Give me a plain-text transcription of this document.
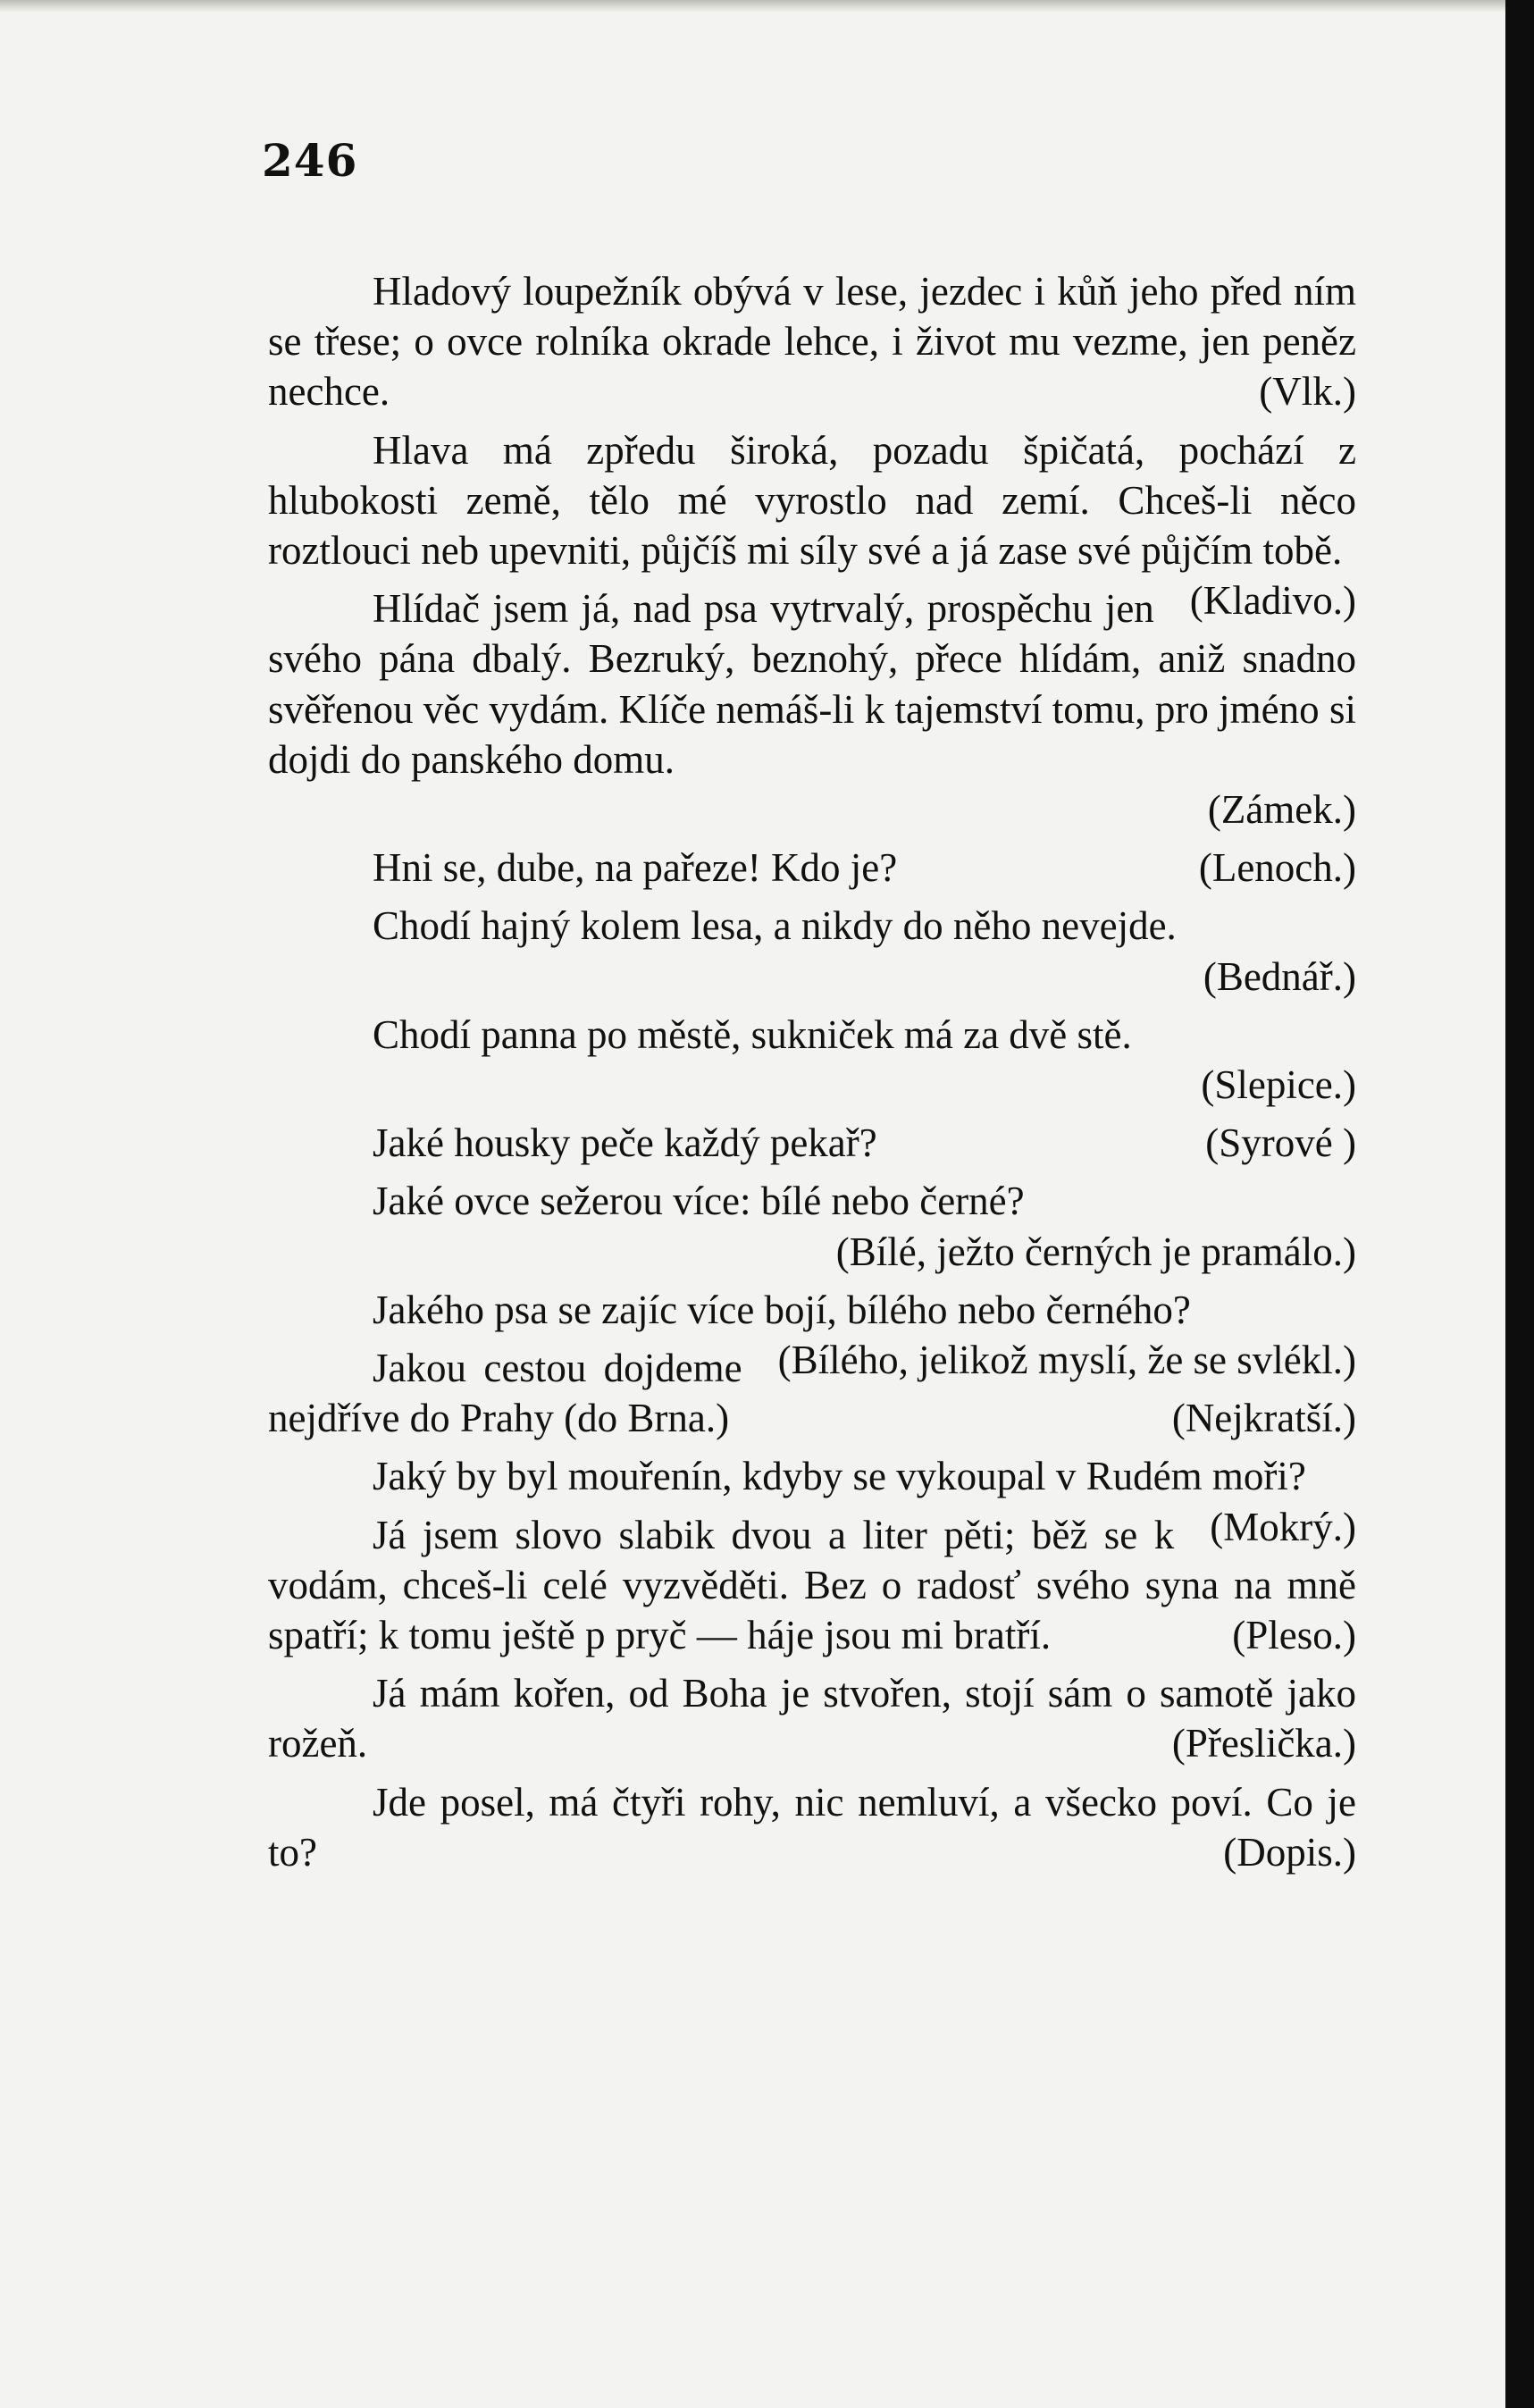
246

Hladový loupežník obývá v lese, jezdec i kůň jeho před ním se třese; o ovce rolníka okrade lehce, i život mu vezme, jen peněz nechce.	(Vlk.)

Hlava má zpředu široká, pozadu špičatá, pochází z hlubokosti země, tělo mé vyrostlo nad zemí. Chceš-li něco roztlouci neb upevniti, půjčíš mi síly své a já zase své půjčím tobě.
(Kladivo.)

Hlídač jsem já, nad psa vytrvalý, prospěchu jen svého pána dbalý. Bezruký, beznohý, přece hlídám, aniž snadno svěřenou věc vydám. Klíče nemáš-li k tajemství tomu, pro jméno si dojdi do panského domu.
(Zámek.)

Hni se, dube, na pařeze! Kdo je?	(Lenoch.)

Chodí hajný kolem lesa, a nikdy do něho nevejde.
(Bednář.)

Chodí panna po městě, sukniček má za dvě stě.
(Slepice.)

Jaké housky peče každý pekař?	(Syrové )

Jaké ovce sežerou více: bílé nebo černé?
(Bílé, ježto černých je pramálo.)

Jakého psa se zajíc více bojí, bílého nebo černého?
(Bílého, jelikož myslí, že se svlékl.)

Jakou cestou dojdeme nejdříve do Prahy (do Brna.)	(Nejkratší.)

Jaký by byl mouřenín, kdyby se vykoupal v Rudém moři?
(Mokrý.)

Já jsem slovo slabik dvou a liter pěti; běž se k vodám, chceš-li celé vyzvěděti. Bez o radosť svého syna na mně spatří; k tomu ještě p pryč — háje jsou mi bratří.	(Pleso.)

Já mám kořen, od Boha je stvořen, stojí sám o samotě jako rožeň.	(Přeslička.)

Jde posel, má čtyři rohy, nic nemluví, a všecko poví. Co je to?	(Dopis.)
